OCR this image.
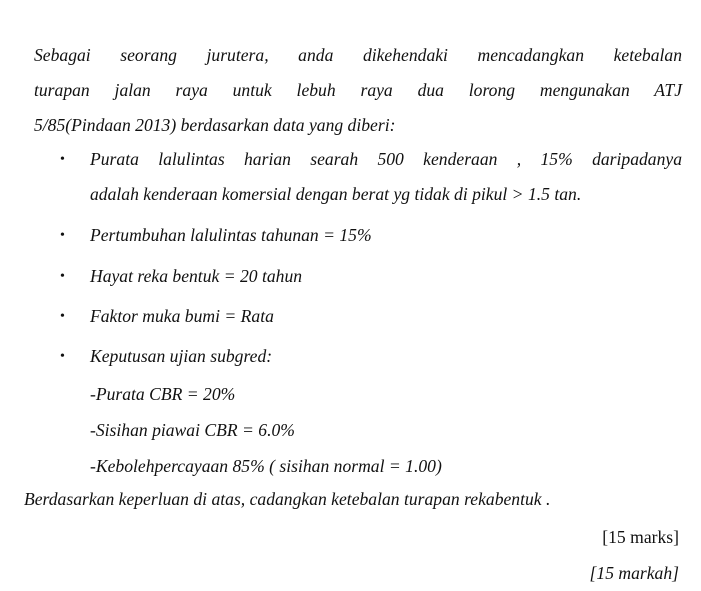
Sebagai seorang jurutera, anda dikehendaki mencadangkan ketebalan
turapan jalan raya untuk lebuh raya dua lorong mengunakan ATJ
5/85(Pindaan 2013) berdasarkan data yang diberi:

• Purata lalulintas harian searah 500 kenderaan , 15% daripadanya
adalah kenderaan komersial dengan berat yg tidak di pikul > 1.5 tan.
• Pertumbuhan lalulintas tahunan = 15%
• Hayat reka bentuk = 20 tahun
• Faktor muka bumi = Rata
• Keputusan ujian subgred:
-Purata CBR = 20%
-Sisihan piawai CBR = 6.0%
-Kebolehpercayaan 85% ( sisihan normal = 1.00)

Berdasarkan keperluan di atas, cadangkan ketebalan turapan rekabentuk .

[15 marks]
[15 markah]
